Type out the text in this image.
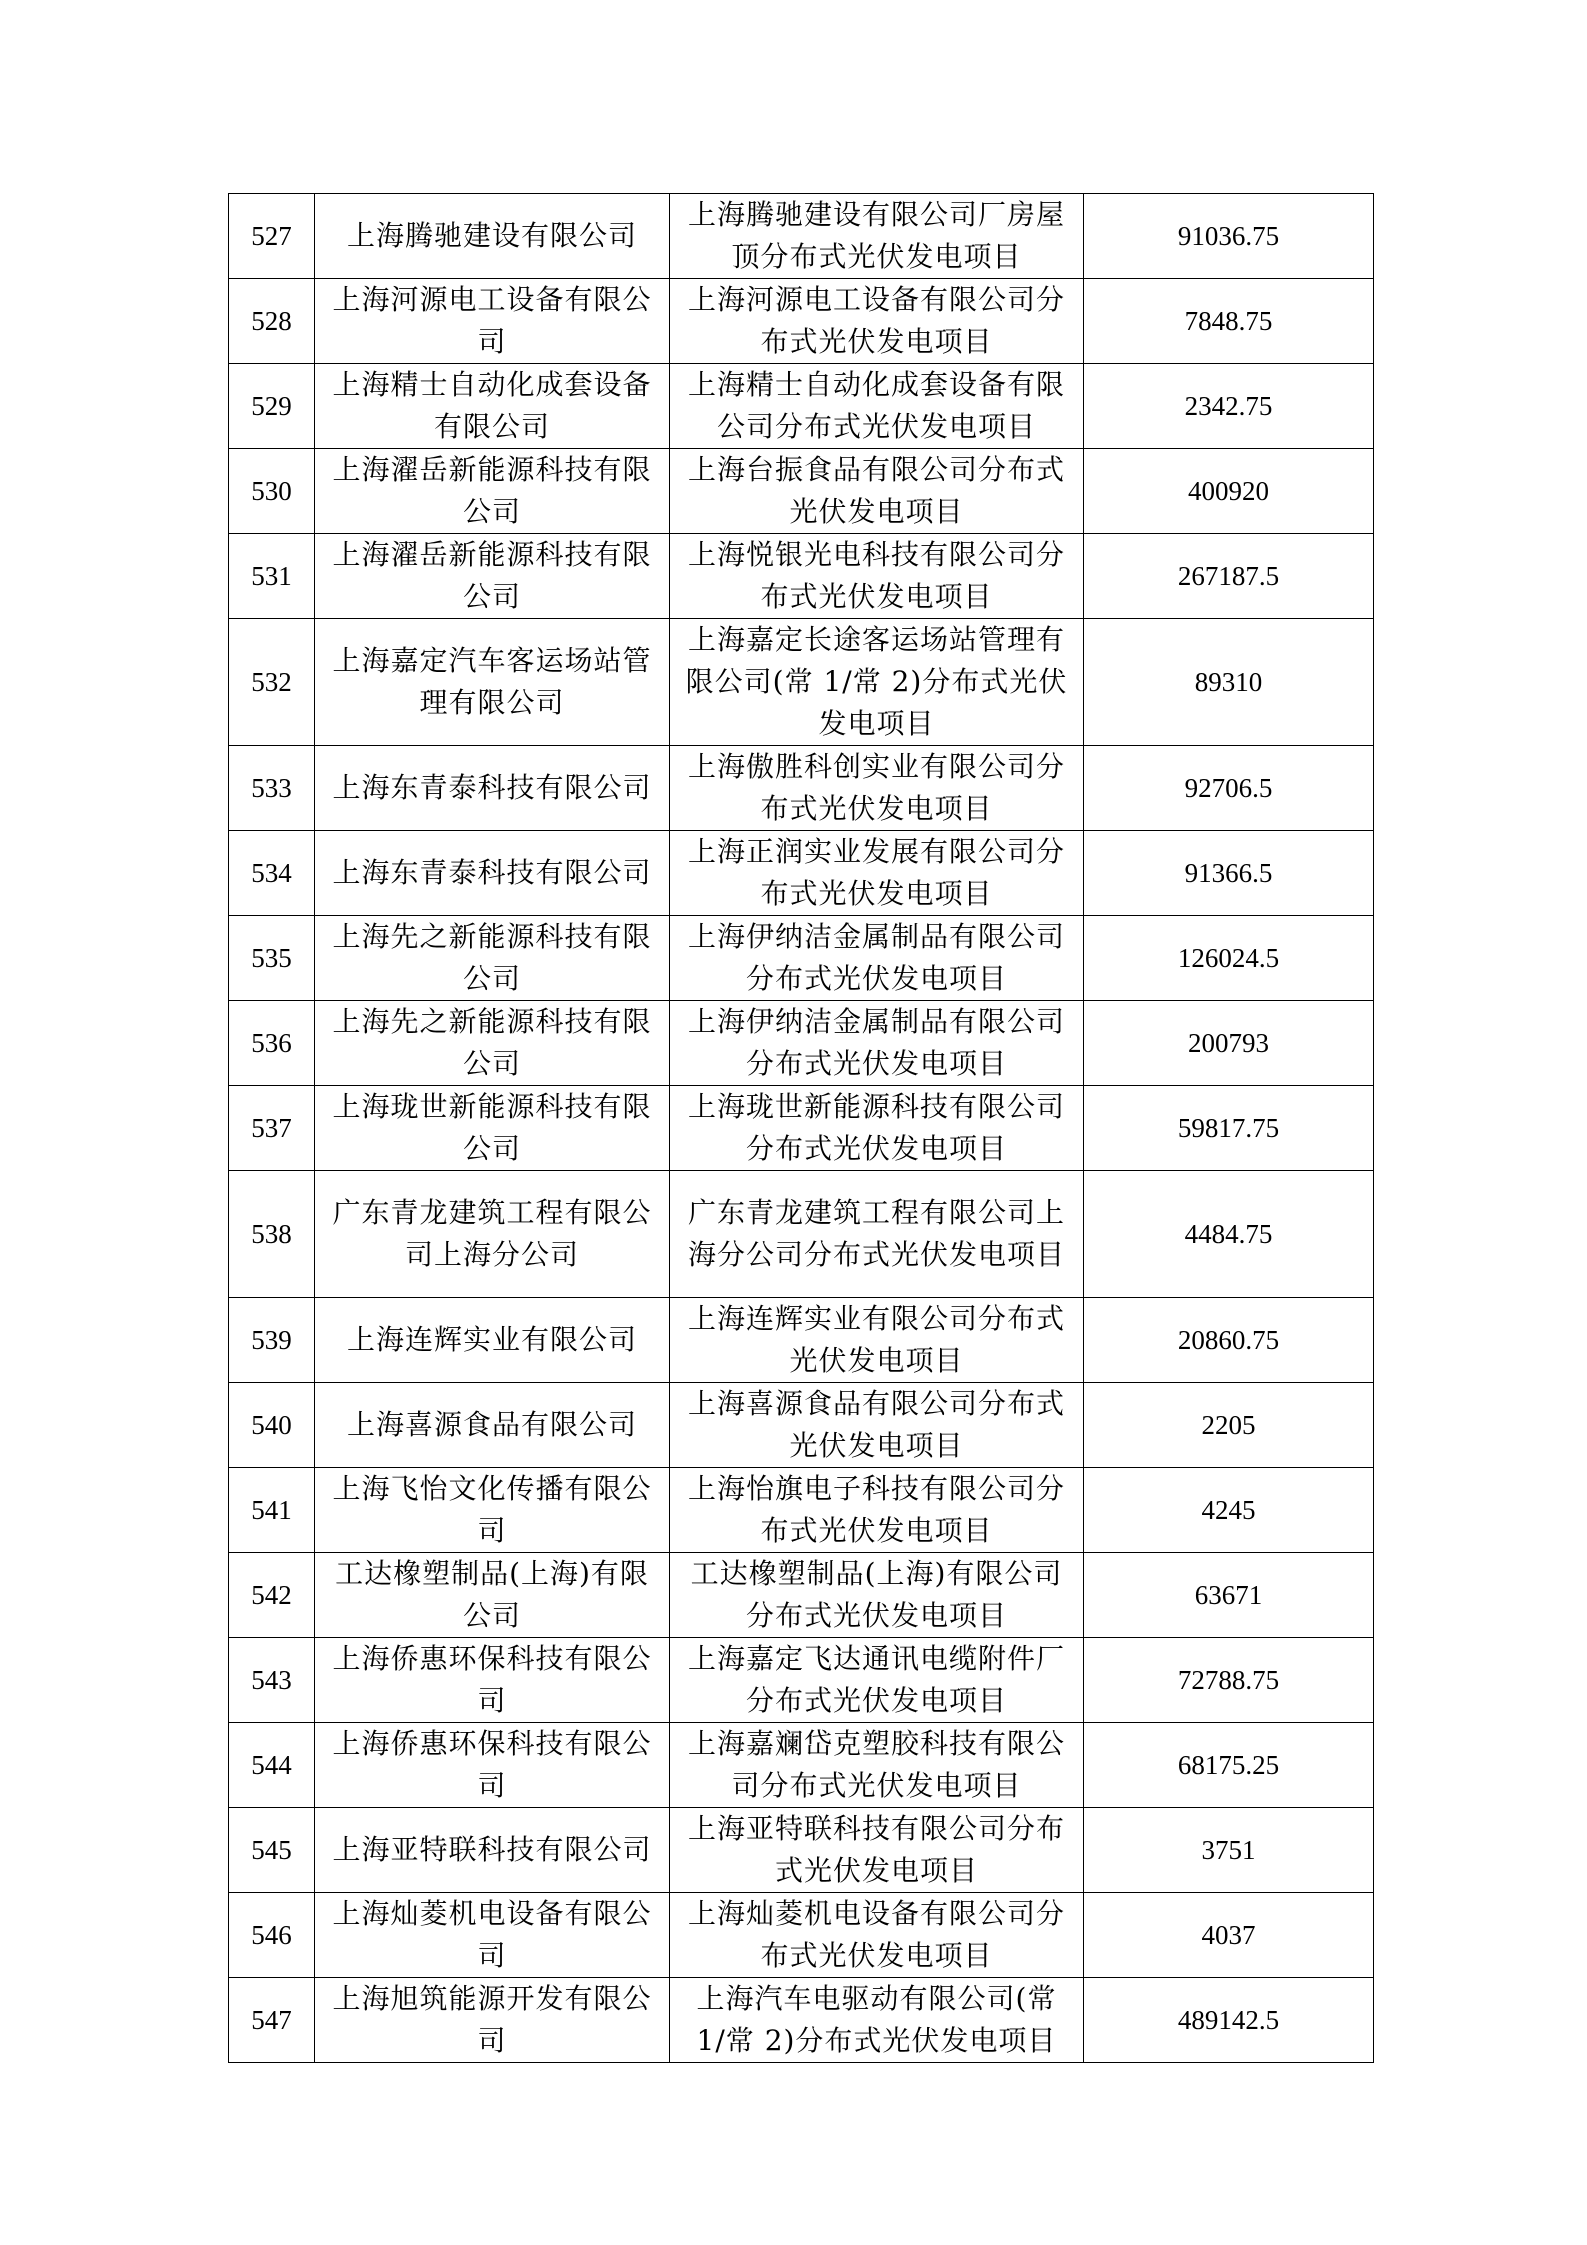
527	上海腾驰建设有限公司	上海腾驰建设有限公司厂房屋顶分布式光伏发电项目	91036.75
528	上海河源电工设备有限公司	上海河源电工设备有限公司分布式光伏发电项目	7848.75
529	上海精士自动化成套设备有限公司	上海精士自动化成套设备有限公司分布式光伏发电项目	2342.75
530	上海濯岳新能源科技有限公司	上海台振食品有限公司分布式光伏发电项目	400920
531	上海濯岳新能源科技有限公司	上海悦银光电科技有限公司分布式光伏发电项目	267187.5
532	上海嘉定汽车客运场站管理有限公司	上海嘉定长途客运场站管理有限公司(常 1/常 2)分布式光伏发电项目	89310
533	上海东青泰科技有限公司	上海傲胜科创实业有限公司分布式光伏发电项目	92706.5
534	上海东青泰科技有限公司	上海正润实业发展有限公司分布式光伏发电项目	91366.5
535	上海先之新能源科技有限公司	上海伊纳洁金属制品有限公司分布式光伏发电项目	126024.5
536	上海先之新能源科技有限公司	上海伊纳洁金属制品有限公司分布式光伏发电项目	200793
537	上海珑世新能源科技有限公司	上海珑世新能源科技有限公司分布式光伏发电项目	59817.75
538	广东青龙建筑工程有限公司上海分公司	广东青龙建筑工程有限公司上海分公司分布式光伏发电项目	4484.75
539	上海连辉实业有限公司	上海连辉实业有限公司分布式光伏发电项目	20860.75
540	上海喜源食品有限公司	上海喜源食品有限公司分布式光伏发电项目	2205
541	上海飞怡文化传播有限公司	上海怡旗电子科技有限公司分布式光伏发电项目	4245
542	工达橡塑制品(上海)有限公司	工达橡塑制品(上海)有限公司分布式光伏发电项目	63671
543	上海侨惠环保科技有限公司	上海嘉定飞达通讯电缆附件厂分布式光伏发电项目	72788.75
544	上海侨惠环保科技有限公司	上海嘉斓岱克塑胶科技有限公司分布式光伏发电项目	68175.25
545	上海亚特联科技有限公司	上海亚特联科技有限公司分布式光伏发电项目	3751
546	上海灿菱机电设备有限公司	上海灿菱机电设备有限公司分布式光伏发电项目	4037
547	上海旭筑能源开发有限公司	上海汽车电驱动有限公司(常 1/常 2)分布式光伏发电项目	489142.5
